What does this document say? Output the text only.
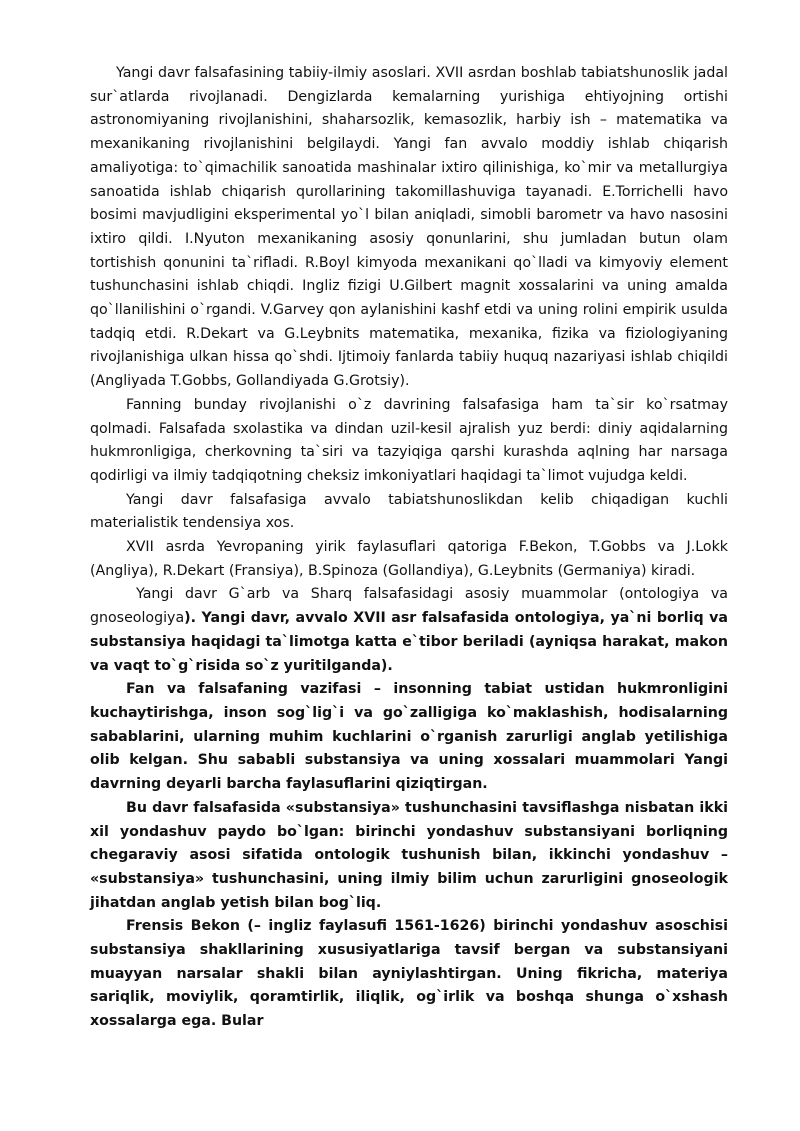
Yangi davr falsafasining tabiiy-ilmiy asoslari. XVII asrdan boshlab tabiatshunoslik jadal sur`atlarda rivojlanadi. Dengizlarda kemalarning yurishiga ehtiyojning ortishi astronomiyaning rivojlanishini, shaharsozlik, kemasozlik, harbiy ish – matematika va mexanikaning rivojlanishini belgilaydi. Yangi fan avvalo moddiy ishlab chiqarish amaliyotiga: to`qimachilik sanoatida mashinalar ixtiro qilinishiga, ko`mir va metallurgiya sanoatida ishlab chiqarish qurollarining takomillashuviga tayanadi. E.Torrichelli havo bosimi mavjudligini eksperimental yo`l bilan aniqladi, simobli barometr va havo nasosini ixtiro qildi. I.Nyuton mexanikaning asosiy qonunlarini, shu jumladan butun olam tortishish qonunini ta`rifladi. R.Boyl kimyoda mexanikani qo`lladi va kimyoviy element tushunchasini ishlab chiqdi. Ingliz fizigi U.Gilbert magnit xossalarini va uning amalda qo`llanilishini o`rgandi. V.Garvey qon aylanishini kashf etdi va uning rolini empirik usulda tadqiq etdi. R.Dekart va G.Leybnits matematika, mexanika, fizika va fiziologiyaning rivojlanishiga ulkan hissa qo`shdi. Ijtimoiy fanlarda tabiiy huquq nazariyasi ishlab chiqildi (Angliyada T.Gobbs, Gollandiyada G.Grotsiy).

Fanning bunday rivojlanishi o`z davrining falsafasiga ham ta`sir ko`rsatmay qolmadi. Falsafada sxolastika va dindan uzil-kesil ajralish yuz berdi: diniy aqidalarning hukmronligiga, cherkovning ta`siri va tazyiqiga qarshi kurashda aqlning har narsaga qodirligi va ilmiy tadqiqotning cheksiz imkoniyatlari haqidagi ta`limot vujudga keldi.

Yangi davr falsafasiga avvalo tabiatshunoslikdan kelib chiqadigan kuchli materialistik tendensiya xos.

XVII asrda Yevropaning yirik faylasuflari qatoriga F.Bekon, T.Gobbs va J.Lokk (Angliya), R.Dekart (Fransiya), B.Spinoza (Gollandiya), G.Leybnits (Germaniya) kiradi.

Yangi davr G`arb va Sharq falsafasidagi asosiy muammolar (ontologiya va gnoseologiya). Yangi davr, avvalo XVII asr falsafasida ontologiya, ya`ni borliq va substansiya haqidagi ta`limotga katta e`tibor beriladi (ayniqsa harakat, makon va vaqt to`g`risida so`z yuritilganda).

Fan va falsafaning vazifasi – insonning tabiat ustidan hukmronligini kuchaytirishga, inson sog`lig`i va go`zalligiga ko`maklashish, hodisalarning sabablarini, ularning muhim kuchlarini o`rganish zarurligi anglab yetilishiga olib kelgan. Shu sababli substansiya va uning xossalari muammolari Yangi davrning deyarli barcha faylasuflarini qiziqtirgan.

Bu davr falsafasida «substansiya» tushunchasini tavsiflashga nisbatan ikki xil yondashuv paydo bo`lgan: birinchi yondashuv substansiyani borliqning chegaraviy asosi sifatida ontologik tushunish bilan, ikkinchi yondashuv – «substansiya» tushunchasini, uning ilmiy bilim uchun zarurligini gnoseologik jihatdan anglab yetish bilan bog`liq.

Frensis Bekon (– ingliz faylasufi 1561-1626) birinchi yondashuv asoschisi substansiya shakllarining xususiyatlariga tavsif bergan va substansiyani muayyan narsalar shakli bilan ayniylashtirgan. Uning fikricha, materiya sariqlik, moviylik, qoramtirlik, iliqlik, og`irlik va boshqa shunga o`xshash xossalarga ega. Bular
